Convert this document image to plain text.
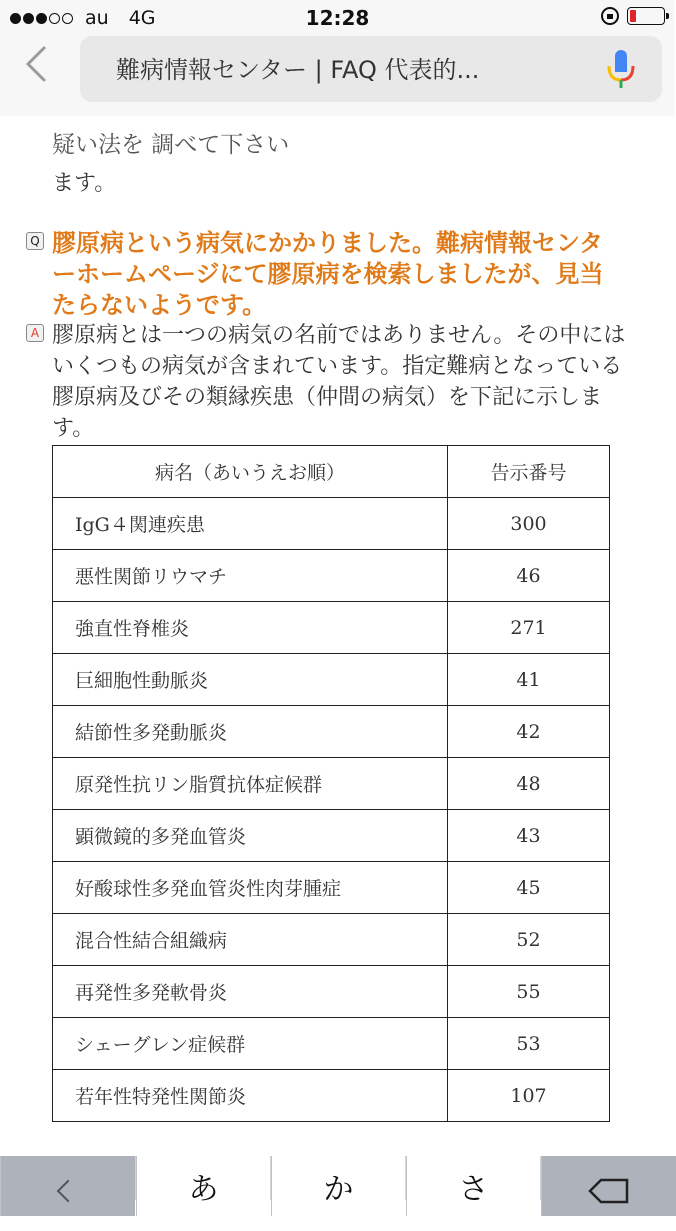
au 4G	12:28
難病情報センター | FAQ 代表的...
疑い法を 調べて下さい
ます。
Q 膠原病という病気にかかりました。難病情報センターホームページにて膠原病を検索しましたが、見当たらないようです。
A 膠原病とは一つの病気の名前ではありません。その中にはいくつもの病気が含まれています。指定難病となっている膠原病及びその類縁疾患（仲間の病気）を下記に示します。
病名（あいうえお順）	告示番号
IgG４関連疾患	300
悪性関節リウマチ	46
強直性脊椎炎	271
巨細胞性動脈炎	41
結節性多発動脈炎	42
原発性抗リン脂質抗体症候群	48
顕微鏡的多発血管炎	43
好酸球性多発血管炎性肉芽腫症	45
混合性結合組織病	52
再発性多発軟骨炎	55
シェーグレン症候群	53
若年性特発性関節炎	107
あ	か	さ
